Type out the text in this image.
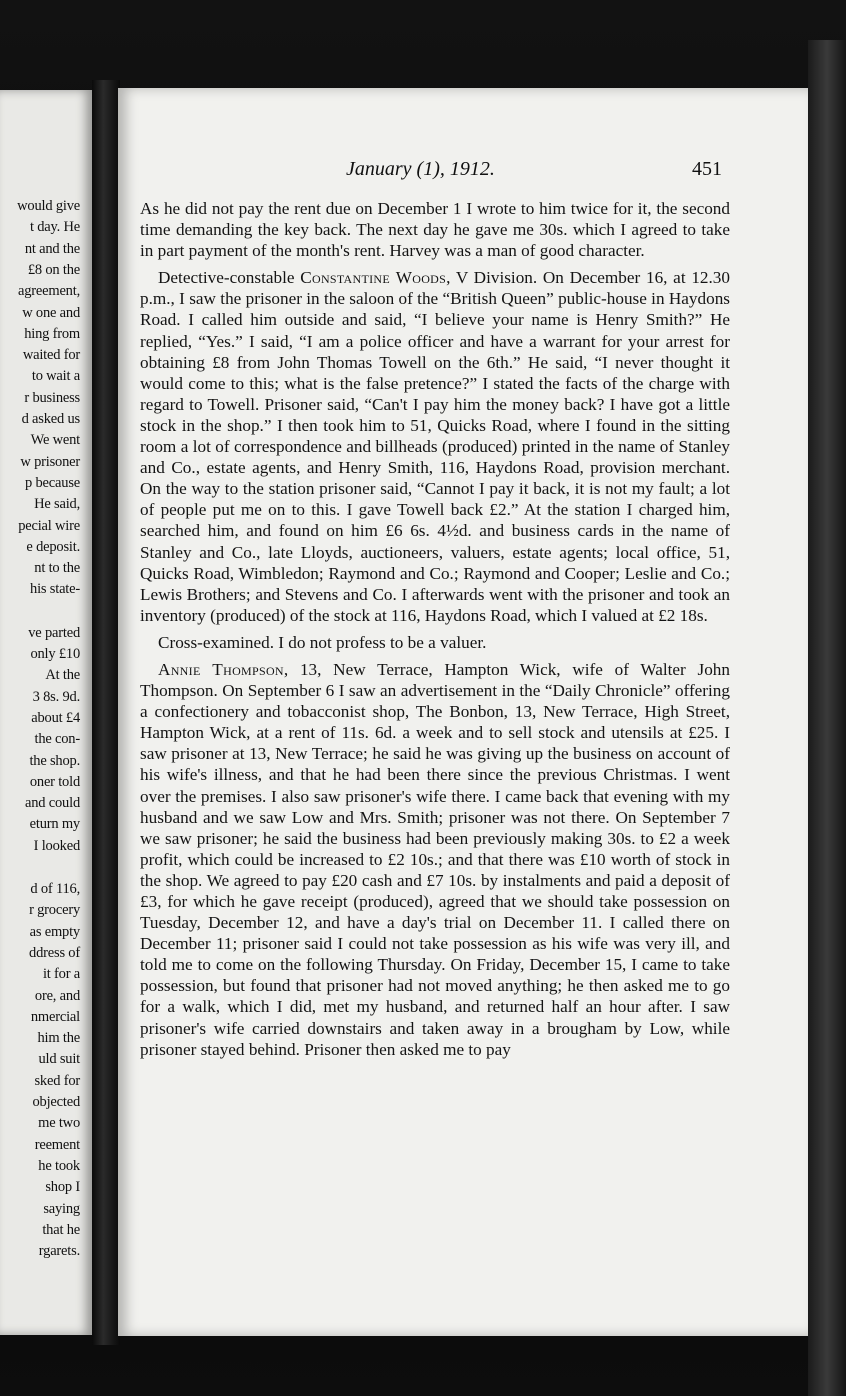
would give
t day. He
nt and the
£8 on the
agreement,
w one and
hing from
waited for
to wait a
r business
d asked us
We went
w prisoner
p because
He said,
pecial wire
e deposit.
nt to the
his state-
ve parted
only £10
At the
3 8s. 9d.
about £4
the con-
the shop.
oner told
and could
eturn my
I looked
d of 116,
r grocery
as empty
ddress of
it for a
ore, and
nmercial
him the
uld suit
sked for
objected
me two
reement
he took
shop I
saying
that he
rgarets.
January (1), 1912.	451

As he did not pay the rent due on December 1 I wrote to him twice for it, the second time demanding the key back. The next day he gave me 30s. which I agreed to take in part payment of the month's rent. Harvey was a man of good character.

Detective-constable Constantine Woods, V Division. On December 16, at 12.30 p.m., I saw the prisoner in the saloon of the “British Queen” public-house in Haydons Road. I called him outside and said, “I believe your name is Henry Smith?” He replied, “Yes.” I said, “I am a police officer and have a warrant for your arrest for obtaining £8 from John Thomas Towell on the 6th.” He said, “I never thought it would come to this; what is the false pretence?” I stated the facts of the charge with regard to Towell. Prisoner said, “Can't I pay him the money back? I have got a little stock in the shop.” I then took him to 51, Quicks Road, where I found in the sitting room a lot of correspondence and billheads (produced) printed in the name of Stanley and Co., estate agents, and Henry Smith, 116, Haydons Road, provision merchant. On the way to the station prisoner said, “Cannot I pay it back, it is not my fault; a lot of people put me on to this. I gave Towell back £2.” At the station I charged him, searched him, and found on him £6 6s. 4½d. and business cards in the name of Stanley and Co., late Lloyds, auctioneers, valuers, estate agents; local office, 51, Quicks Road, Wimbledon; Raymond and Co.; Raymond and Cooper; Leslie and Co.; Lewis Brothers; and Stevens and Co. I afterwards went with the prisoner and took an inventory (produced) of the stock at 116, Haydons Road, which I valued at £2 18s.

Cross-examined. I do not profess to be a valuer.

Annie Thompson, 13, New Terrace, Hampton Wick, wife of Walter John Thompson. On September 6 I saw an advertisement in the “Daily Chronicle” offering a confectionery and tobacconist shop, The Bonbon, 13, New Terrace, High Street, Hampton Wick, at a rent of 11s. 6d. a week and to sell stock and utensils at £25. I saw prisoner at 13, New Terrace; he said he was giving up the business on account of his wife's illness, and that he had been there since the previous Christmas. I went over the premises. I also saw prisoner's wife there. I came back that evening with my husband and we saw Low and Mrs. Smith; prisoner was not there. On September 7 we saw prisoner; he said the business had been previously making 30s. to £2 a week profit, which could be increased to £2 10s.; and that there was £10 worth of stock in the shop. We agreed to pay £20 cash and £7 10s. by instalments and paid a deposit of £3, for which he gave receipt (produced), agreed that we should take possession on Tuesday, December 12, and have a day's trial on December 11. I called there on December 11; prisoner said I could not take possession as his wife was very ill, and told me to come on the following Thursday. On Friday, December 15, I came to take possession, but found that prisoner had not moved anything; he then asked me to go for a walk, which I did, met my husband, and returned half an hour after. I saw prisoner's wife carried downstairs and taken away in a brougham by Low, while prisoner stayed behind. Prisoner then asked me to pay
